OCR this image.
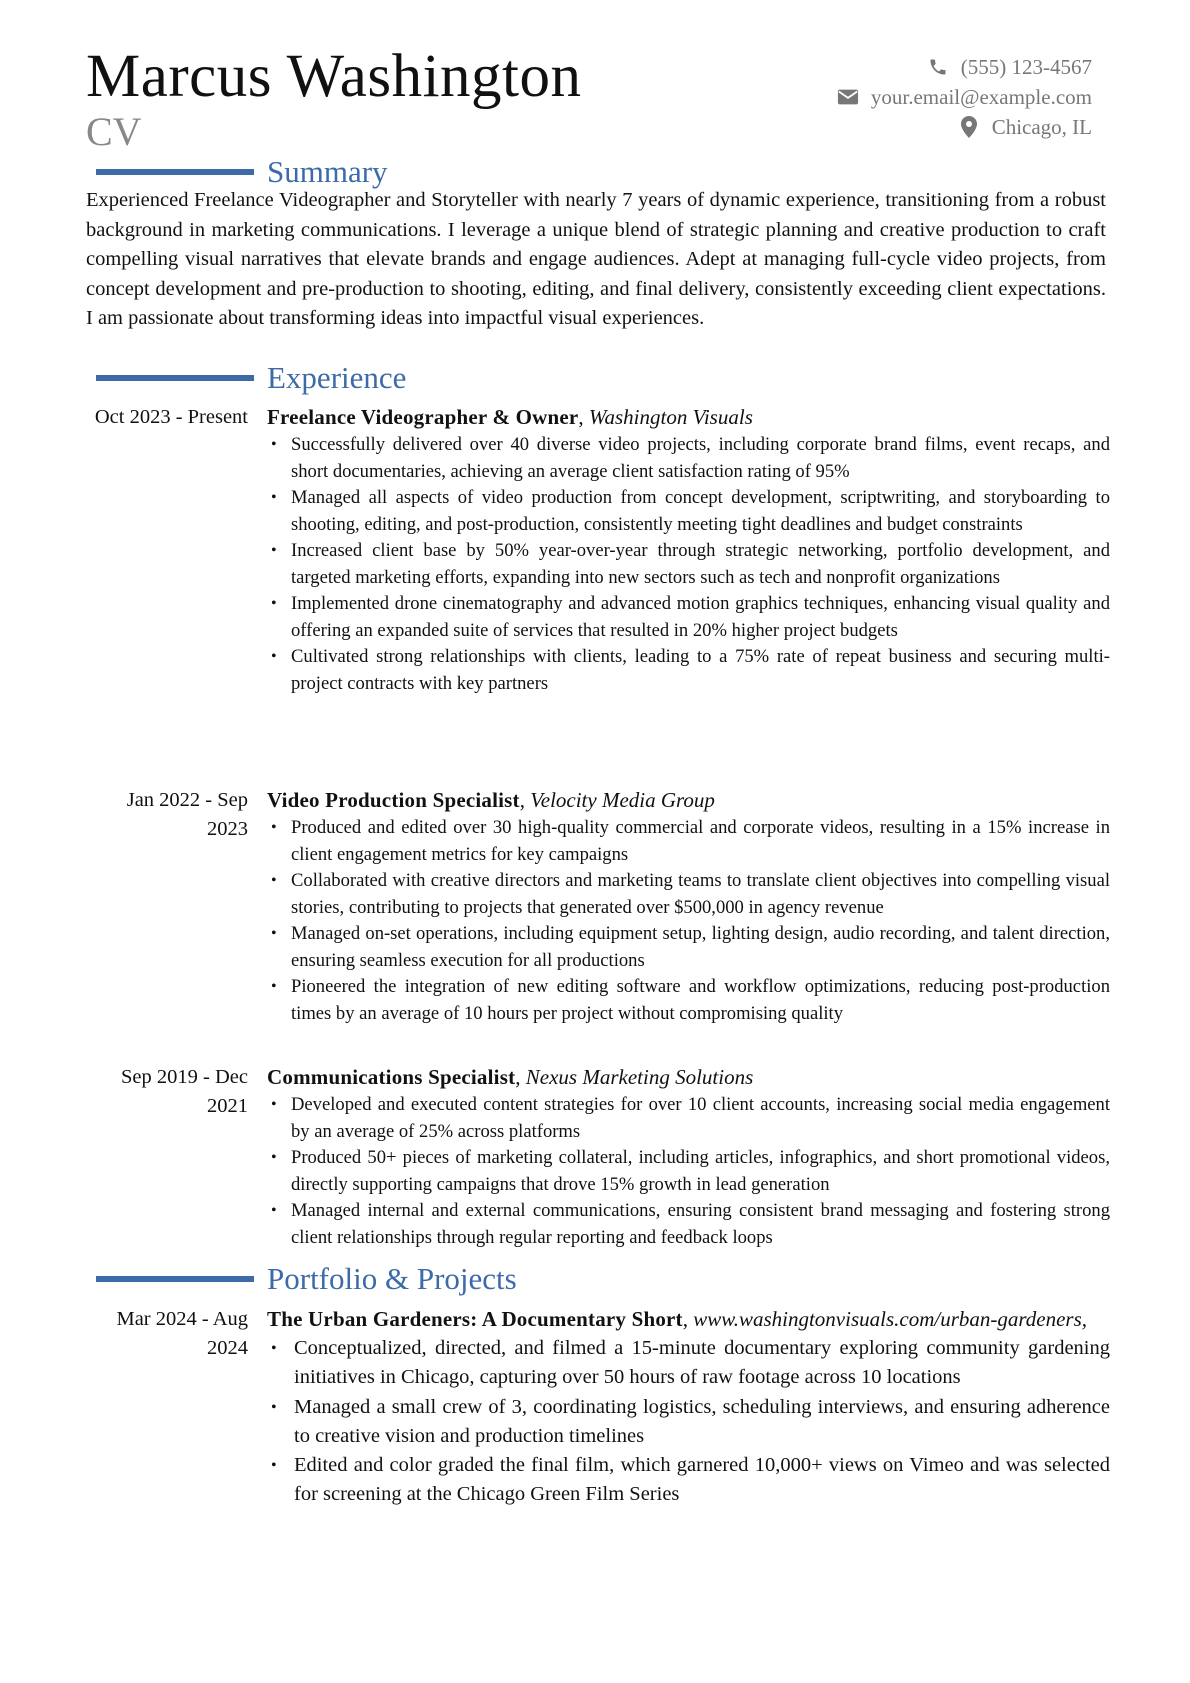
Marcus Washington
CV
(555) 123-4567
your.email@example.com
Chicago, IL
Summary
Experienced Freelance Videographer and Storyteller with nearly 7 years of dynamic experience, transitioning from a robust background in marketing communications. I leverage a unique blend of strategic planning and creative production to craft compelling visual narratives that elevate brands and engage audiences. Adept at managing full-cycle video projects, from concept development and pre-production to shooting, editing, and final delivery, consistently exceeding client expectations. I am passionate about transforming ideas into impactful visual experiences.
Experience
Oct 2023 - Present Freelance Videographer & Owner, Washington Visuals
• Successfully delivered over 40 diverse video projects, including corporate brand films, event recaps, and short documentaries, achieving an average client satisfaction rating of 95%
• Managed all aspects of video production from concept development, scriptwriting, and storyboarding to shooting, editing, and post-production, consistently meeting tight deadlines and budget constraints
• Increased client base by 50% year-over-year through strategic networking, portfolio development, and targeted marketing efforts, expanding into new sectors such as tech and nonprofit organizations
• Implemented drone cinematography and advanced motion graphics techniques, enhancing visual quality and offering an expanded suite of services that resulted in 20% higher project budgets
• Cultivated strong relationships with clients, leading to a 75% rate of repeat business and securing multi-project contracts with key partners
Jan 2022 - Sep 2023
Video Production Specialist, Velocity Media Group
• Produced and edited over 30 high-quality commercial and corporate videos, resulting in a 15% increase in client engagement metrics for key campaigns
• Collaborated with creative directors and marketing teams to translate client objectives into compelling visual stories, contributing to projects that generated over $500,000 in agency revenue
• Managed on-set operations, including equipment setup, lighting design, audio recording, and talent direction, ensuring seamless execution for all productions
• Pioneered the integration of new editing software and workflow optimizations, reducing post-production times by an average of 10 hours per project without compromising quality
Sep 2019 - Dec 2021
Communications Specialist, Nexus Marketing Solutions
• Developed and executed content strategies for over 10 client accounts, increasing social media engagement by an average of 25% across platforms
• Produced 50+ pieces of marketing collateral, including articles, infographics, and short promotional videos, directly supporting campaigns that drove 15% growth in lead generation
• Managed internal and external communications, ensuring consistent brand messaging and fostering strong client relationships through regular reporting and feedback loops
Portfolio & Projects
Mar 2024 - Aug 2024
The Urban Gardeners: A Documentary Short, www.washingtonvisuals.com/urban-gardeners,
• Conceptualized, directed, and filmed a 15-minute documentary exploring community gardening initiatives in Chicago, capturing over 50 hours of raw footage across 10 locations
• Managed a small crew of 3, coordinating logistics, scheduling interviews, and ensuring adherence to creative vision and production timelines
• Edited and color graded the final film, which garnered 10,000+ views on Vimeo and was selected for screening at the Chicago Green Film Series
